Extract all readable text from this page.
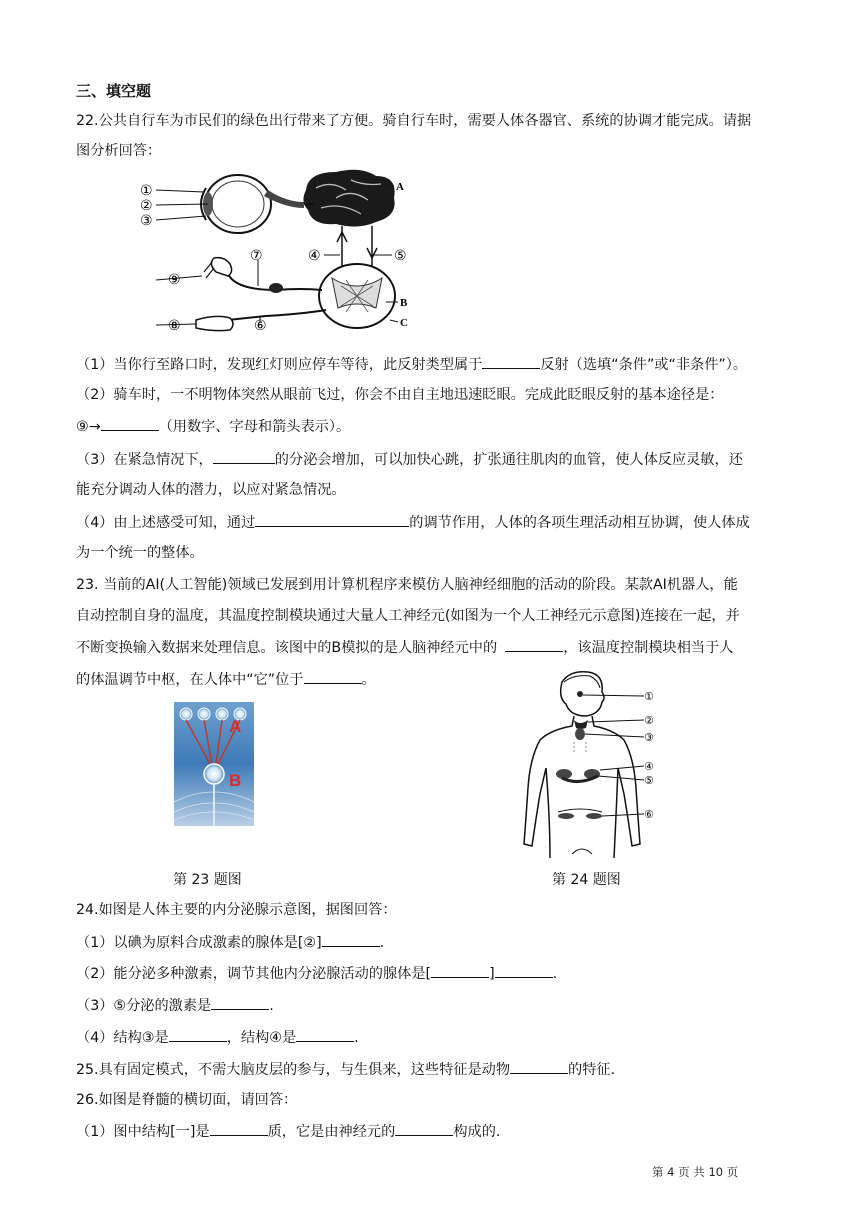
三、填空题
22.公共自行车为市民们的绿色出行带来了方便。骑自行车时，需要人体各器官、系统的协调才能完成。请据
图分析回答：
①
②
③
A
④	⑤
⑦
⑨
B
⑧	⑥	C
（1）当你行至路口时，发现红灯则应停车等待，此反射类型属于	反射（选填“条件”或“非条件”）。
（2）骑车时，一不明物体突然从眼前飞过，你会不由自主地迅速眨眼。完成此眨眼反射的基本途径是：
⑨→	（用数字、字母和箭头表示）。
（3）在紧急情况下，	的分泌会增加，可以加快心跳，扩张通往肌肉的血管，使人体反应灵敏，还
能充分调动人体的潜力，以应对紧急情况。
（4）由上述感受可知，通过	的调节作用，人体的各项生理活动相互协调，使人体成
为一个统一的整体。
23. 当前的AI(人工智能)领域已发展到用计算机程序来模仿人脑神经细胞的活动的阶段。某款AI机器人，能
自动控制自身的温度，其温度控制模块通过大量人工神经元(如图为一个人工神经元示意图)连接在一起，并
不断变换输入数据来处理信息。该图中的B模拟的是人脑神经元中的	，该温度控制模块相当于人
的体温调节中枢，在人体中“它”位于	。
A
B
第 23 题图
①
②
③
④
⑤
⑥
第 24 题图
24.如图是人体主要的内分泌腺示意图，据图回答：
（1）以碘为原料合成激素的腺体是[②]	.
（2）能分泌多种激素，调节其他内分泌腺活动的腺体是[	]	.
（3）⑤分泌的激素是	.
（4）结构③是	，结构④是	.
25.具有固定模式，不需大脑皮层的参与，与生俱来，这些特征是动物	的特征.
26.如图是脊髓的横切面，请回答：
（1）图中结构[一]是	质，它是由神经元的	构成的.
第 4 页 共 10 页
